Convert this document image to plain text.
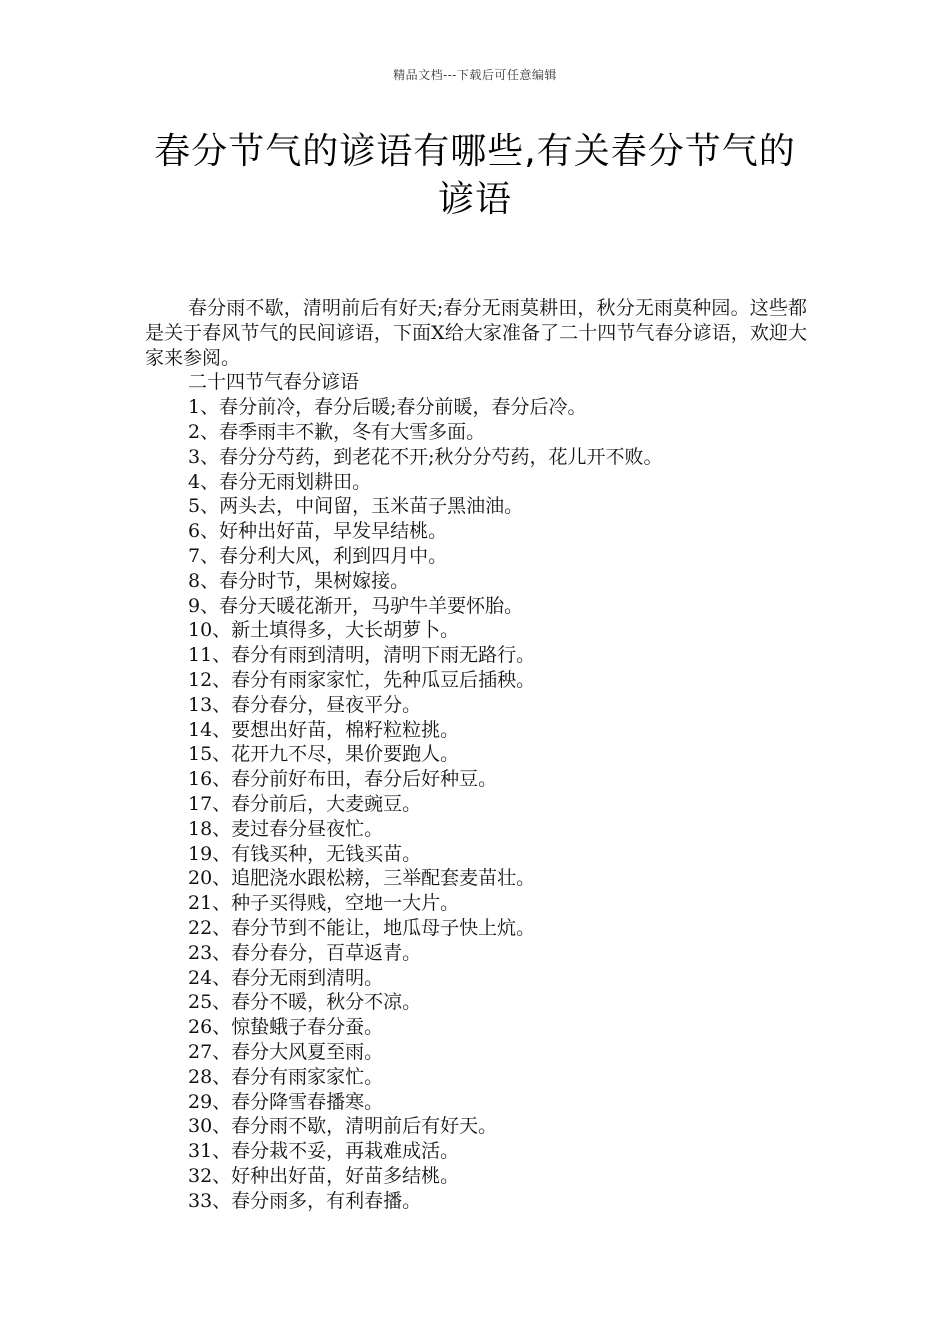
精品文档---下载后可任意编辑
春分节气的谚语有哪些,有关春分节气的谚语

春分雨不歇，清明前后有好天;春分无雨莫耕田，秋分无雨莫种园。这些都是关于春风节气的民间谚语，下面X给大家准备了二十四节气春分谚语，欢迎大家来参阅。

二十四节气春分谚语

1、春分前冷，春分后暖;春分前暖，春分后冷。

2、春季雨丰不歉，冬有大雪多面。

3、春分分芍药，到老花不开;秋分分芍药，花儿开不败。

4、春分无雨划耕田。

5、两头去，中间留，玉米苗子黑油油。

6、好种出好苗，早发早结桃。

7、春分利大风，利到四月中。

8、春分时节，果树嫁接。

9、春分天暖花渐开，马驴牛羊要怀胎。

10、新土填得多，大长胡萝卜。

11、春分有雨到清明，清明下雨无路行。

12、春分有雨家家忙，先种瓜豆后插秧。

13、春分春分，昼夜平分。

14、要想出好苗，棉籽粒粒挑。

15、花开九不尽，果价要跑人。

16、春分前好布田，春分后好种豆。

17、春分前后，大麦豌豆。

18、麦过春分昼夜忙。

19、有钱买种，无钱买苗。

20、追肥浇水跟松耪，三举配套麦苗壮。

21、种子买得贱，空地一大片。

22、春分节到不能让，地瓜母子快上炕。

23、春分春分，百草返青。

24、春分无雨到清明。

25、春分不暖，秋分不凉。

26、惊蛰蛾子春分蚕。

27、春分大风夏至雨。

28、春分有雨家家忙。

29、春分降雪春播寒。

30、春分雨不歇，清明前后有好天。

31、春分栽不妥，再栽难成活。

32、好种出好苗，好苗多结桃。

33、春分雨多，有利春播。
